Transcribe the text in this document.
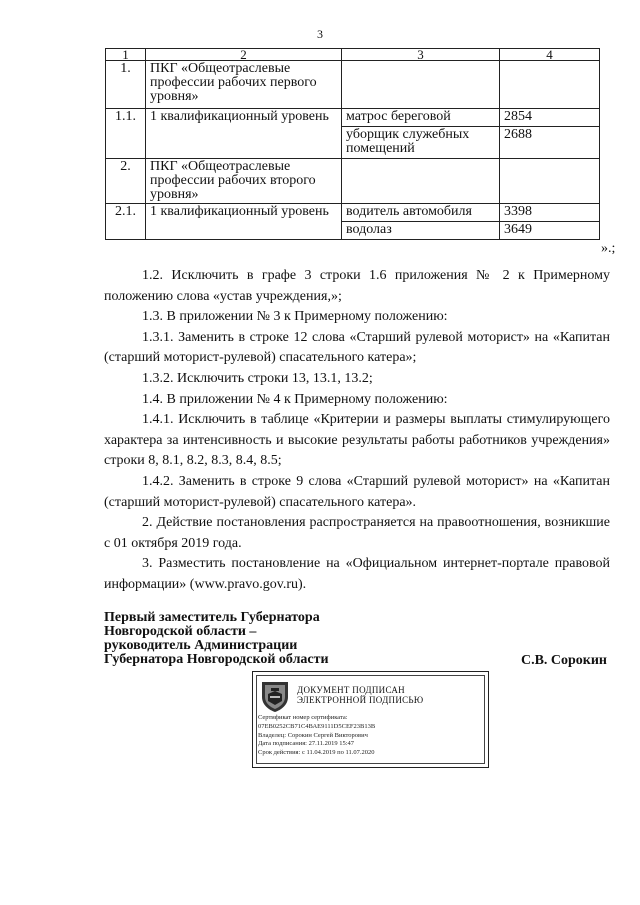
3
1	2	3	4
1.	ПКГ «Общеотраслевые профессии рабочих первого уровня»		
1.1.	1 квалификационный уровень	матрос береговой	2854
		уборщик служебных помещений	2688
2.	ПКГ «Общеотраслевые профессии рабочих второго уровня»		
2.1.	1 квалификационный уровень	водитель автомобиля	3398
		водолаз	3649
».;

1.2. Исключить в графе 3 строки 1.6 приложения № 2 к Примерному положению слова «устав учреждения,»;

1.3. В приложении № 3 к Примерному положению:

1.3.1. Заменить в строке 12 слова «Старший рулевой моторист» на «Капитан (старший моторист-рулевой) спасательного катера»;

1.3.2. Исключить строки 13, 13.1, 13.2;

1.4. В приложении № 4 к Примерному положению:

1.4.1. Исключить в таблице «Критерии и размеры выплаты стимулирующего характера за интенсивность и высокие результаты работы работников учреждения» строки 8, 8.1, 8.2, 8.3, 8.4, 8.5;

1.4.2. Заменить в строке 9 слова «Старший рулевой моторист» на «Капитан (старший моторист-рулевой) спасательного катера».

2. Действие постановления распространяется на правоотношения, возникшие с 01 октября 2019 года.

3. Разместить постановление на «Официальном интернет-портале правовой информации» (www.pravo.gov.ru).

Первый заместитель Губернатора
Новгородской области –
руководитель Администрации
Губернатора Новгородской области	С.В. Сорокин
ДОКУМЕНТ ПОДПИСАН
ЭЛЕКТРОННОЙ ПОДПИСЬЮ
Сертификат номер сертификата:
07ЕВ0252СВ71С4ВАЕ9111D5CЕF23В13В
Владелец: Сорокин Сергей Викторович
Дата подписания: 27.11.2019 15:47
Срок действия: с 11.04.2019 по 11.07.2020
